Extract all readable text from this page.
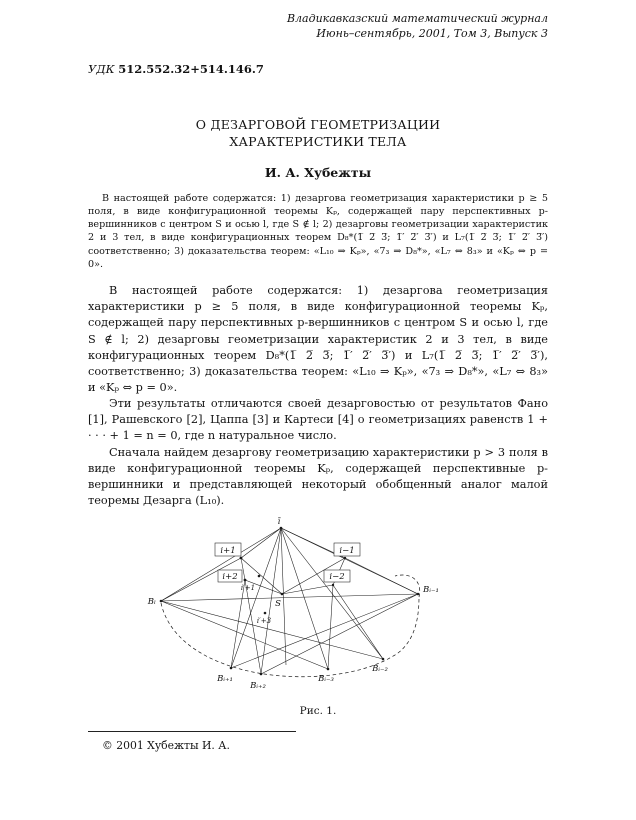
Владикавказский математический журнал
Июнь–сентябрь, 2001, Том 3, Выпуск 3
УДК 512.552.32+514.146.7
О ДЕЗАРГОВОЙ ГЕОМЕТРИЗАЦИИ
ХАРАКТЕРИСТИКИ ТЕЛА
И. А. Хубежты

В настоящей работе содержатся: 1) дезаргова геометризация характеристики p ≥ 5 поля, в виде конфигурационной теоремы Kₚ, содержащей пару перспективных p-вершинников с центром S и осью l, где S ∉ l; 2) дезарговы геометризации характеристик 2 и 3 тел, в виде конфигурационных теорем D₈*(1̅ 2̅ 3̅; 1̅′ 2̅′ 3̅′) и L₇(1̅ 2̅ 3̅; 1̅′ 2̅′ 3̅′) соответственно; 3) доказательства теорем: «L₁₀ ⇒ Kₚ», «7₃ ⇒ D₈*», «L₇ ⇔ 8₃» и «Kₚ ⇔ p = 0».

В настоящей работе содержатся: 1) дезаргова геометризация характеристики p ≥ 5 поля, в виде конфигурационной теоремы Kₚ, содержащей пару перспективных p-вершинников с центром S и осью l, где S ∉ l; 2) дезарговы геометризации характеристик 2 и 3 тел, в виде конфигурационных теорем D₈*(1̅ 2̅ 3̅; 1̅′ 2̅′ 3̅′) и L₇(1̅ 2̅ 3̅; 1̅′ 2̅′ 3̅′), соответственно; 3) доказательства теорем: «L₁₀ ⇒ Kₚ», «7₃ ⇒ D₈*», «L₇ ⇔ 8₃» и «Kₚ ⇔ p = 0».

Эти результаты отличаются своей дезарговостью от результатов Фано [1], Рашевского [2], Цаппа [3] и Картеси [4] о геометризациях равенств 1 + · · · + 1 = n = 0, где n натуральное число.

Сначала найдем дезаргову геометризацию характеристики p > 3 поля в виде конфигурационной теоремы Kₚ, содержащей перспективные p-вершинники и представляющей некоторый обобщенный аналог малой теоремы Дезарга (L₁₀).

ī
i+1	i−1
i+2	i−2
i′+1
i′+3
S
Bₗ
Bᵢ₋₁
Bᵢ₊₁
Bᵢ₊₂
Bᵢ₋₃
Bᵢ₋₂
Рис. 1.
© 2001 Хубежты И. А.
